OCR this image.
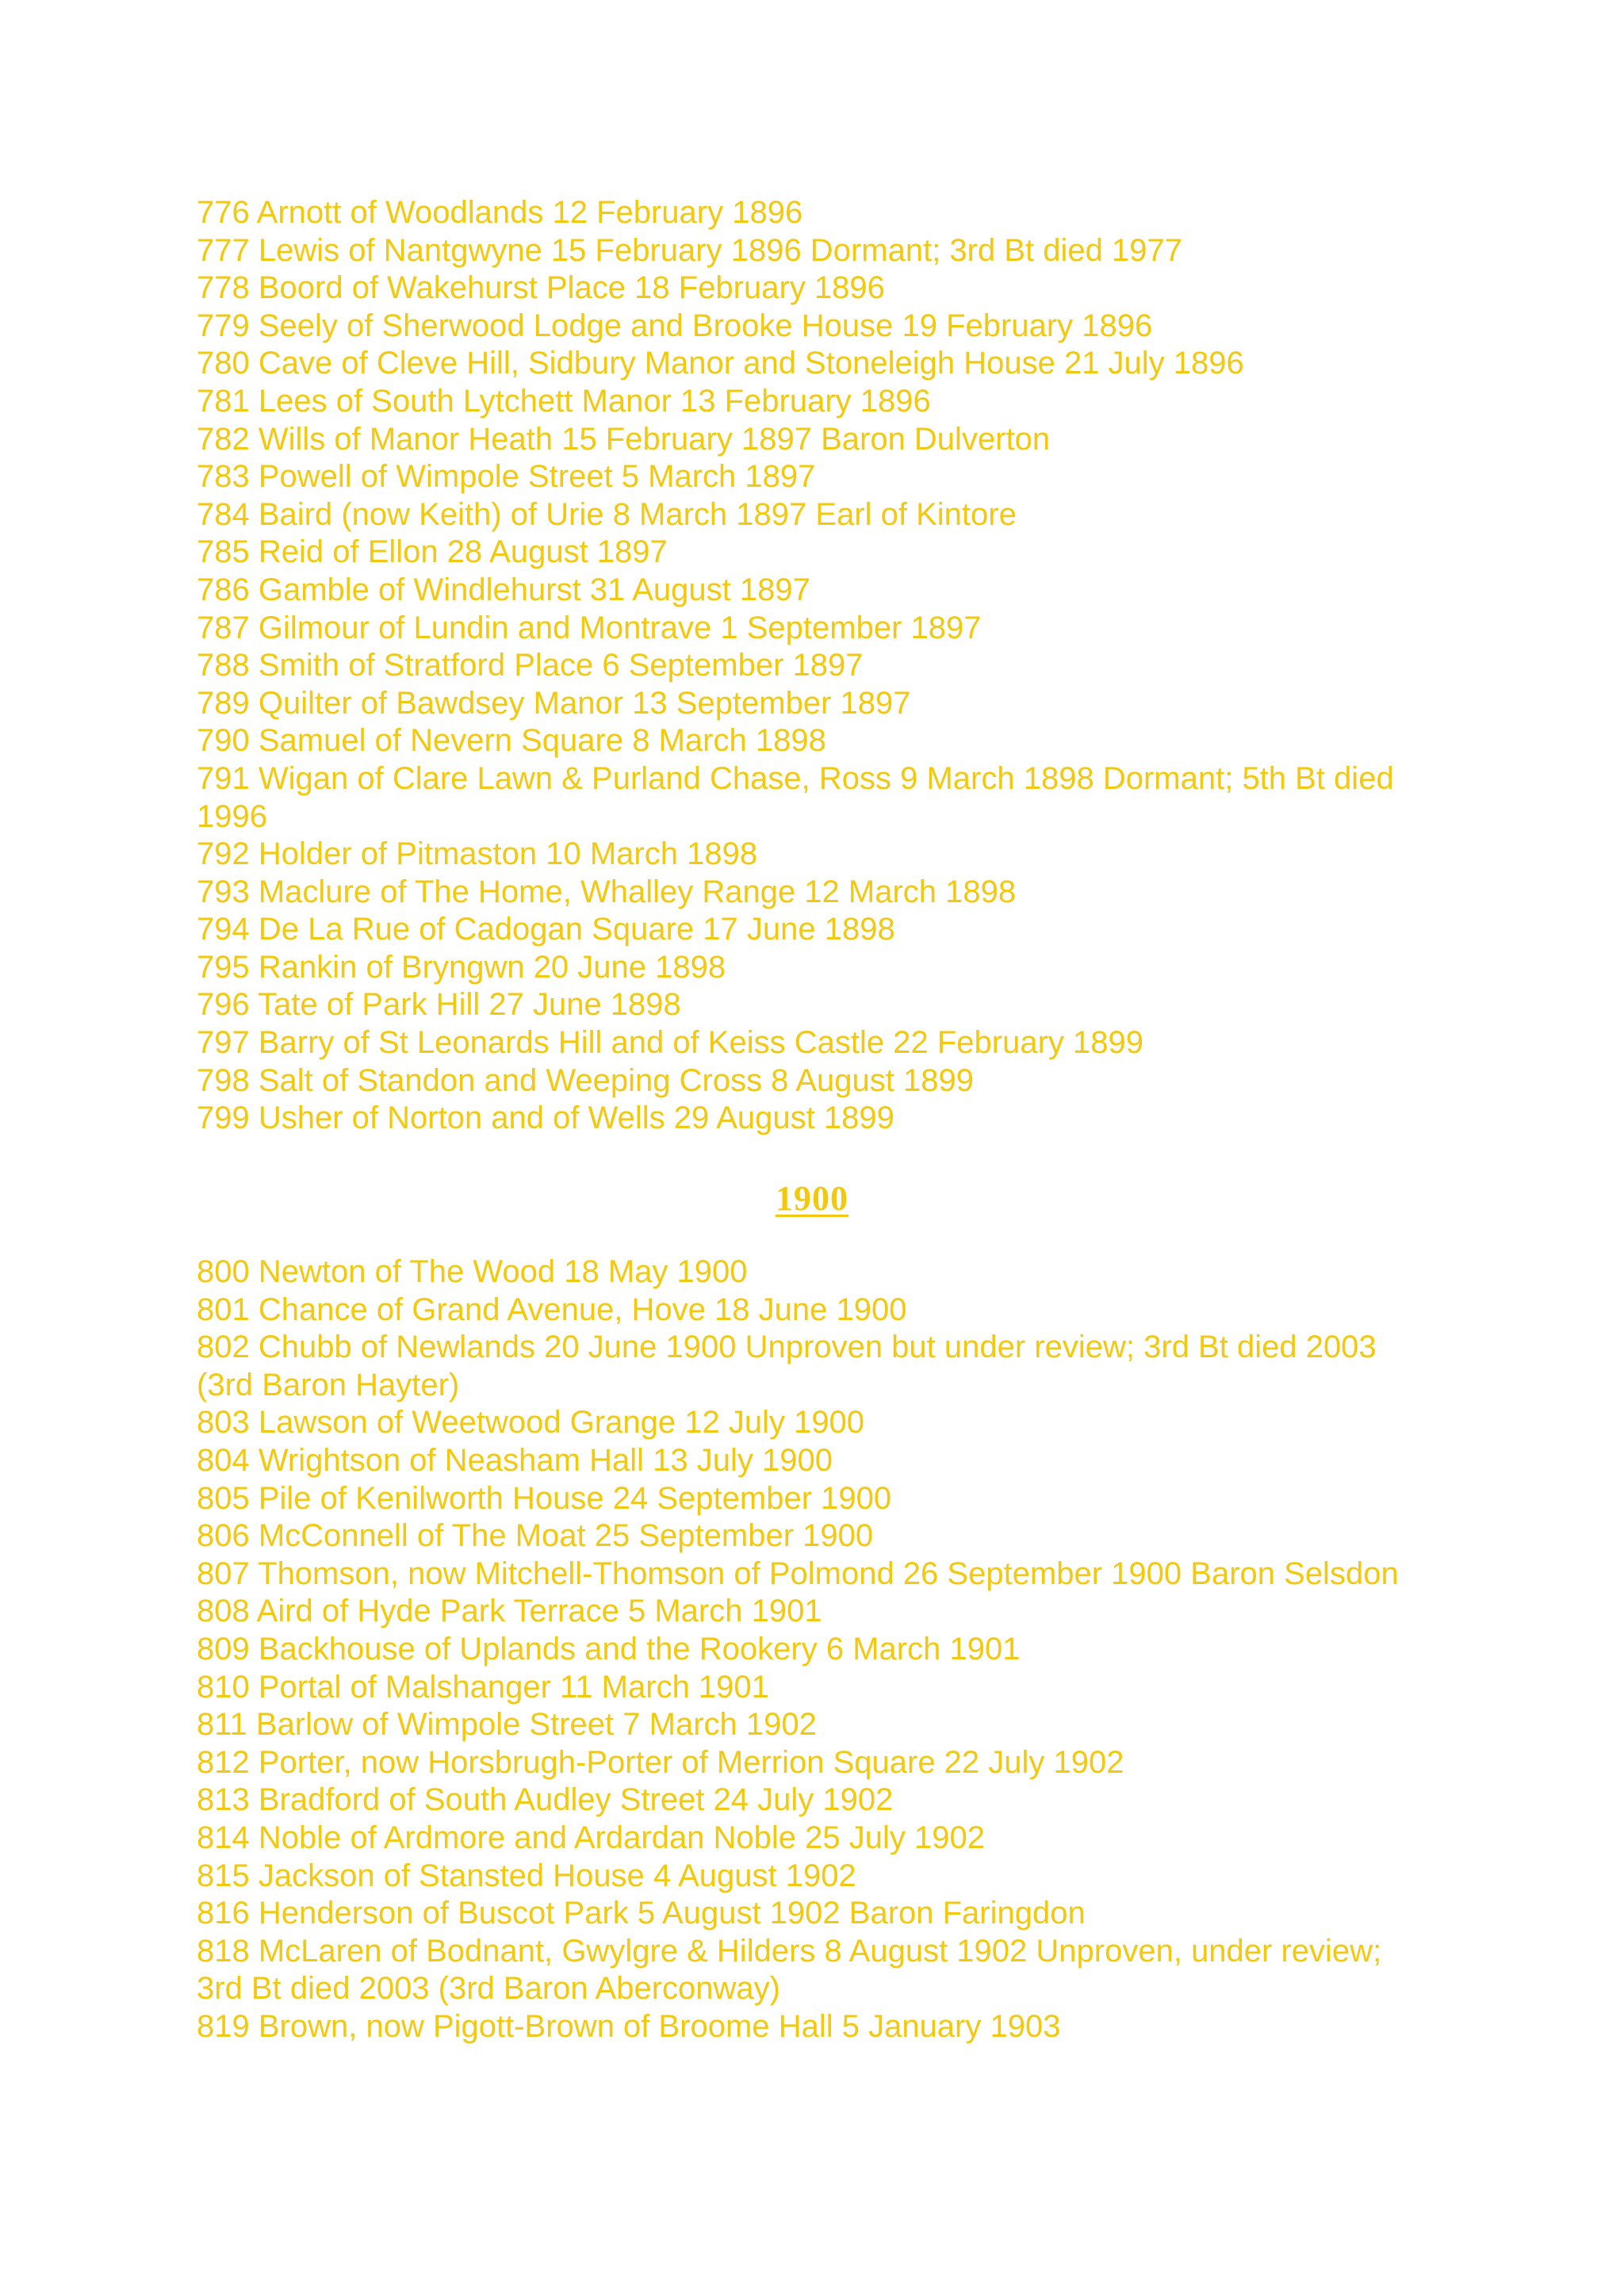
776 Arnott of Woodlands 12 February 1896
777 Lewis of Nantgwyne 15 February 1896 Dormant; 3rd Bt died 1977
778 Boord of Wakehurst Place 18 February 1896
779 Seely of Sherwood Lodge and Brooke House 19 February 1896
780 Cave of Cleve Hill, Sidbury Manor and Stoneleigh House 21 July 1896
781 Lees of South Lytchett Manor 13 February 1896
782 Wills of Manor Heath 15 February 1897 Baron Dulverton
783 Powell of Wimpole Street 5 March 1897
784 Baird (now Keith) of Urie 8 March 1897 Earl of Kintore
785 Reid of Ellon 28 August 1897
786 Gamble of Windlehurst 31 August 1897
787 Gilmour of Lundin and Montrave 1 September 1897
788 Smith of Stratford Place 6 September 1897
789 Quilter of Bawdsey Manor 13 September 1897
790 Samuel of Nevern Square 8 March 1898
791 Wigan of Clare Lawn & Purland Chase, Ross 9 March 1898 Dormant; 5th Bt died 1996
792 Holder of Pitmaston 10 March 1898
793 Maclure of The Home, Whalley Range 12 March 1898
794 De La Rue of Cadogan Square 17 June 1898
795 Rankin of Bryngwn 20 June 1898
796 Tate of Park Hill 27 June 1898
797 Barry of St Leonards Hill and of Keiss Castle 22 February 1899
798 Salt of Standon and Weeping Cross 8 August 1899
799 Usher of Norton and of Wells 29 August 1899
1900
800 Newton of The Wood 18 May 1900
801 Chance of Grand Avenue, Hove 18 June 1900
802 Chubb of Newlands 20 June 1900 Unproven but under review; 3rd Bt died 2003 (3rd Baron Hayter)
803 Lawson of Weetwood Grange 12 July 1900
804 Wrightson of Neasham Hall 13 July 1900
805 Pile of Kenilworth House 24 September 1900
806 McConnell of The Moat 25 September 1900
807 Thomson, now Mitchell-Thomson of Polmond 26 September 1900 Baron Selsdon
808 Aird of Hyde Park Terrace 5 March 1901
809 Backhouse of Uplands and the Rookery 6 March 1901
810 Portal of Malshanger 11 March 1901
811 Barlow of Wimpole Street 7 March 1902
812 Porter, now Horsbrugh-Porter of Merrion Square 22 July 1902
813 Bradford of South Audley Street 24 July 1902
814 Noble of Ardmore and Ardardan Noble 25 July 1902
815 Jackson of Stansted House 4 August 1902
816 Henderson of Buscot Park 5 August 1902 Baron Faringdon
818 McLaren of Bodnant, Gwylgre & Hilders 8 August 1902 Unproven, under review; 3rd Bt died 2003 (3rd Baron Aberconway)
819 Brown, now Pigott-Brown of Broome Hall 5 January 1903
